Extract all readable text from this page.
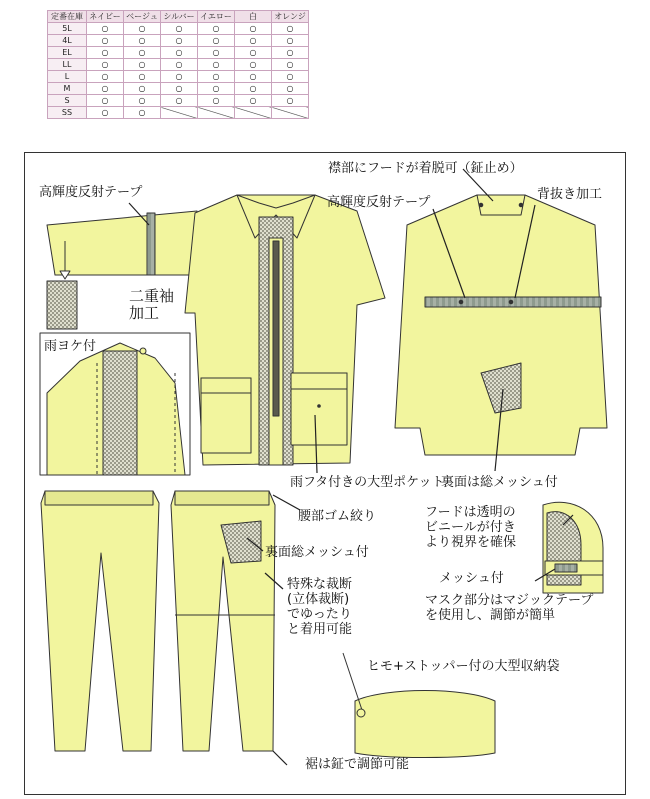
定番在庫	ネイビー	ベージュ	シルバー	イエロー	白	オレンジ
5L	○	○	○	○	○	○
4L	○	○	○	○	○	○
EL	○	○	○	○	○	○
LL	○	○	○	○	○	○
L	○	○	○	○	○	○
M	○	○	○	○	○	○
S	○	○	○	○	○	○
SS	○	○				
高輝度反射テープ
二重袖
加工
雨ヨケ付
襟部にフードが着脱可（鉦止め）
高輝度反射テープ
背抜き加工
雨フタ付きの大型ポケット
裏面は総メッシュ付
腰部ゴム絞り
裏面総メッシュ付
特殊な裁断
(立体裁断)
でゆったり
と着用可能
フードは透明の
ビニールが付き
より視界を確保
メッシュ付
マスク部分はマジックテープ
を使用し、調節が簡単
ヒモ+ストッパー付の大型収納袋
裾は鉦で調節可能
